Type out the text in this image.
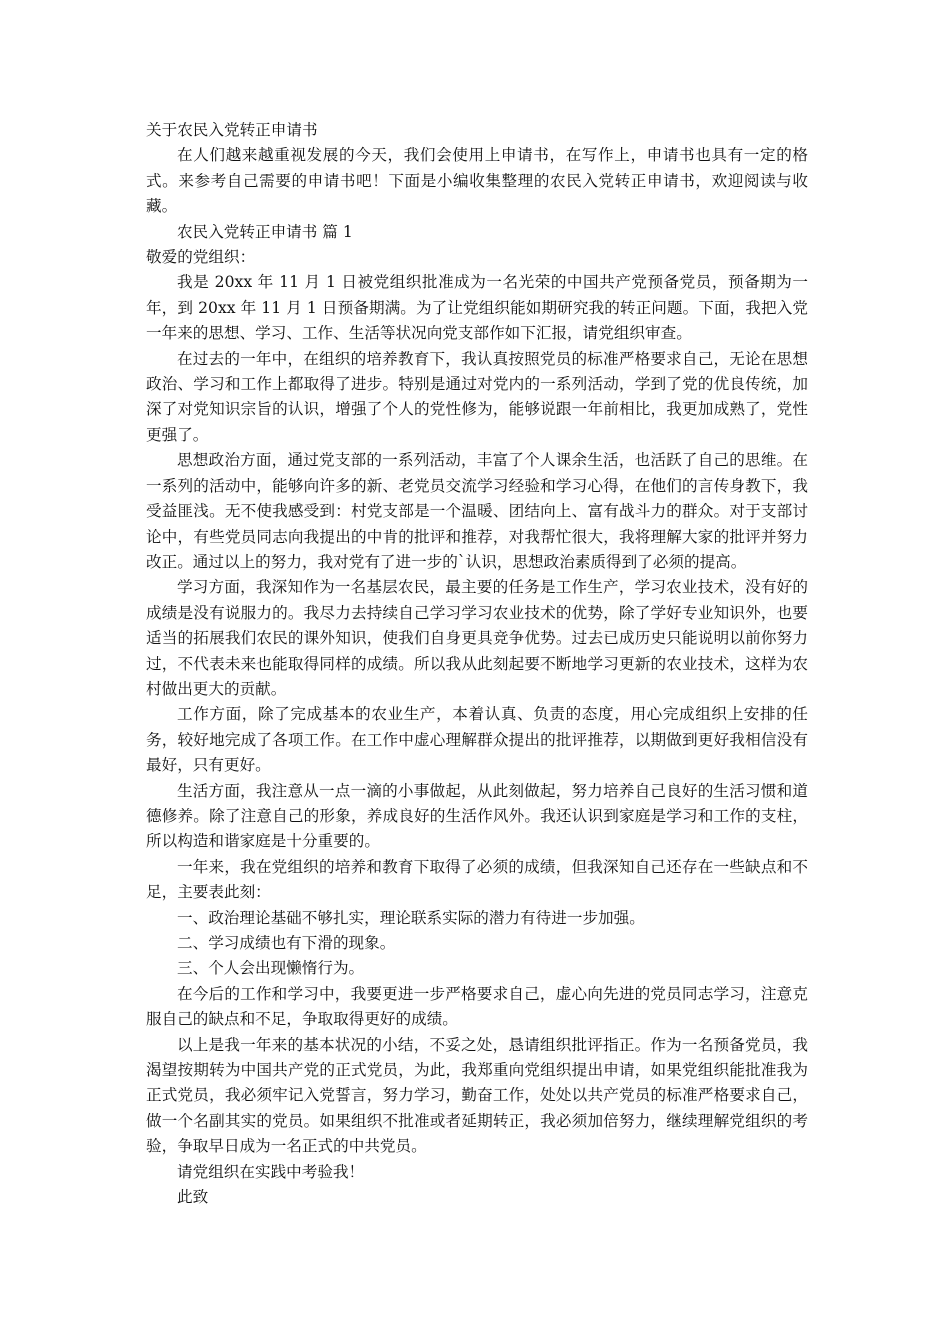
关于农民入党转正申请书

在人们越来越重视发展的今天，我们会使用上申请书，在写作上，申请书也具有一定的格式。来参考自己需要的申请书吧！下面是小编收集整理的农民入党转正申请书，欢迎阅读与收藏。

农民入党转正申请书 篇 1

敬爱的党组织：

我是 20xx 年 11 月 1 日被党组织批准成为一名光荣的中国共产党预备党员，预备期为一年，到 20xx 年 11 月 1 日预备期满。为了让党组织能如期研究我的转正问题。下面，我把入党一年来的思想、学习、工作、生活等状况向党支部作如下汇报，请党组织审查。

在过去的一年中，在组织的培养教育下，我认真按照党员的标准严格要求自己，无论在思想政治、学习和工作上都取得了进步。特别是通过对党内的一系列活动，学到了党的优良传统，加深了对党知识宗旨的认识，增强了个人的党性修为，能够说跟一年前相比，我更加成熟了，党性更强了。

思想政治方面，通过党支部的一系列活动，丰富了个人课余生活，也活跃了自己的思维。在一系列的活动中，能够向许多的新、老党员交流学习经验和学习心得，在他们的言传身教下，我受益匪浅。无不使我感受到：村党支部是一个温暖、团结向上、富有战斗力的群众。对于支部讨论中，有些党员同志向我提出的中肯的批评和推荐，对我帮忙很大，我将理解大家的批评并努力改正。通过以上的努力，我对党有了进一步的`认识，思想政治素质得到了必须的提高。

学习方面，我深知作为一名基层农民，最主要的任务是工作生产，学习农业技术，没有好的成绩是没有说服力的。我尽力去持续自己学习学习农业技术的优势，除了学好专业知识外，也要适当的拓展我们农民的课外知识，使我们自身更具竞争优势。过去已成历史只能说明以前你努力过，不代表未来也能取得同样的成绩。所以我从此刻起要不断地学习更新的农业技术，这样为农村做出更大的贡献。

工作方面，除了完成基本的农业生产，本着认真、负责的态度，用心完成组织上安排的任务，较好地完成了各项工作。在工作中虚心理解群众提出的批评推荐，以期做到更好我相信没有最好，只有更好。

生活方面，我注意从一点一滴的小事做起，从此刻做起，努力培养自己良好的生活习惯和道德修养。除了注意自己的形象，养成良好的生活作风外。我还认识到家庭是学习和工作的支柱，所以构造和谐家庭是十分重要的。

一年来，我在党组织的培养和教育下取得了必须的成绩，但我深知自己还存在一些缺点和不足，主要表此刻：

一、政治理论基础不够扎实，理论联系实际的潜力有待进一步加强。

二、学习成绩也有下滑的现象。

三、个人会出现懒惰行为。

在今后的工作和学习中，我要更进一步严格要求自己，虚心向先进的党员同志学习，注意克服自己的缺点和不足，争取取得更好的成绩。

以上是我一年来的基本状况的小结，不妥之处，恳请组织批评指正。作为一名预备党员，我渴望按期转为中国共产党的正式党员，为此，我郑重向党组织提出申请，如果党组织能批准我为正式党员，我必须牢记入党誓言，努力学习，勤奋工作，处处以共产党员的标准严格要求自己，做一个名副其实的党员。如果组织不批准或者延期转正，我必须加倍努力，继续理解党组织的考验，争取早日成为一名正式的中共党员。

请党组织在实践中考验我！

此致
